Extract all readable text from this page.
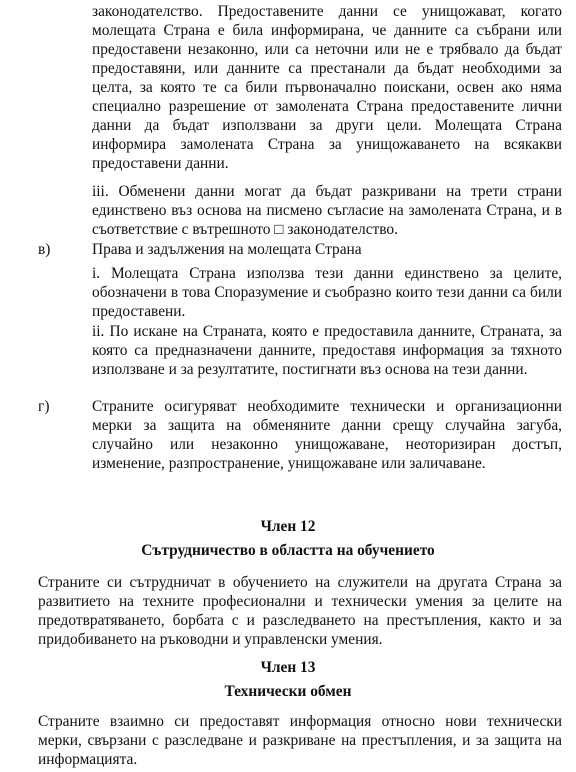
законодателство. Предоставените данни се унищожават, когато молещата Страна е била информирана, че данните са събрани или предоставени незаконно, или са неточни или не е трябвало да бъдат предоставяни, или данните са престанали да бъдат необходими за целта, за която те са били първоначално поискани, освен ако няма специално разрешение от замолената Страна предоставените лични данни да бъдат използвани за други цели. Молещата Страна информира замолената Страна за унищожаването на всякакви предоставени данни.

iii. Обменени данни могат да бъдат разкривани на трети страни единствено въз основа на писмено съгласие на замолената Страна, и в съответствие с вътрешното □ законодателство.

в)	Права и задължения на молещата Страна

i. Молещата Страна използва тези данни единствено за целите, обозначени в това Споразумение и съобразно които тези данни са били предоставени.

ii. По искане на Страната, която е предоставила данните, Страната, за която са предназначени данните, предоставя информация за тяхното използване и за резултатите, постигнати въз основа на тези данни.

г)	Страните осигуряват необходимите технически и организационни мерки за защита на обменяните данни срещу случайна загуба, случайно или незаконно унищожаване, неоторизиран достъп, изменение, разпространение, унищожаване или заличаване.

Член 12

Сътрудничество в областта на обучението

Страните си сътрудничат в обучението на служители на другата Страна за развитието на техните професионални и технически умения за целите на предотвратяването, борбата с и разследването на престъпления, както и за придобиването на ръководни и управленски умения.

Член 13

Технически обмен

Страните взаимно си предоставят информация относно нови технически мерки, свързани с разследване и разкриване на престъпления, и за защита на информацията.
